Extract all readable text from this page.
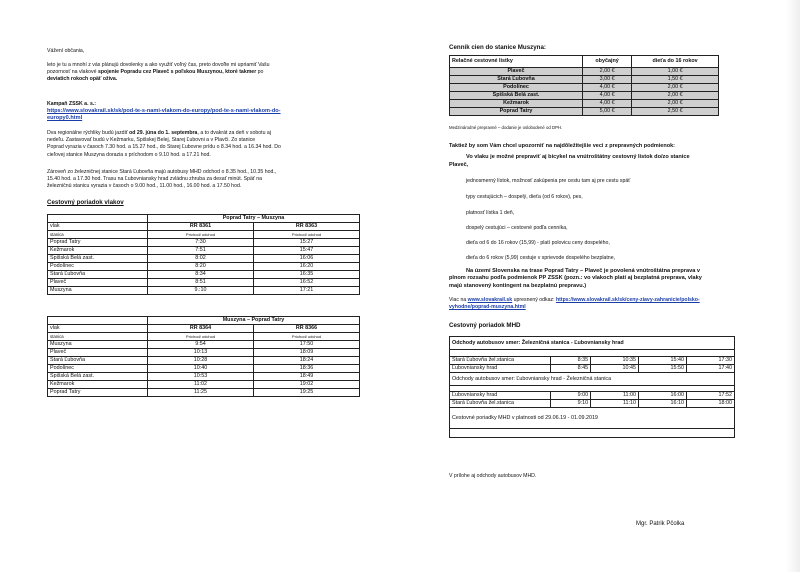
Vážení občania,
leto je tu a mnohí z vás plánujú dovolenky a ako využiť voľný čas, preto dovoľte mi upriamiť Vašu
pozornosť na vlakové spojenie Popradu cez Plaveč s poľskou Muszynou, ktoré takmer po
deviatich rokoch opäť ožíva.
Kampaň ZSSK a. s.:
https://www.slovakrail.sk/sk/pod-te-s-nami-vlakom-do-europy/pod-te-s-nami-vlakom-do-
europy0.html
Dva regionálne rýchliky budú jazdiť od 29. júna do 1. septembra, a to dvakrát za deň v sobotu aj
nedeľu. Zastavovať budú v Kežmarku, Spišskej Belej, Starej Ľubovni a v Plavči. Zo stanice
Poprad vyrazia v časoch 7.30 hod. a 15.27 hod., do Starej Ľubovne prídu o 8.34 hod. a 16.34 hod. Do
cieľovej stanice Muszyna dorazia s príchodom o 9.10 hod. a 17.21 hod.
Zároveň zo železničnej stanice Stará Ľubovňa majú autobusy MHD odchod o 8.35 hod., 10.35 hod.,
15.40 hod. a 17.30 hod. Trasu na Ľubovniansky hrad zvládnu zhruba za desať minút. Späť na
železničnú stanicu vyrazia v časoch o 9.00 hod., 11.00 hod., 16.00 hod. a 17.50 hod.
Cestovný poriadok vlakov
	Poprad Tatry – Muszyna	
vlak	RR 8361	RR 8363
stanica	Príchod/ odchod	Príchod/ odchod
Poprad Tatry	7:30	15:27
Kežmarok	7:51	15:47
Spišská Belá zast.	8:02	16:06
Podolínec	8:20	16:20
Stará Ľubovňa	8:34	16:35
Plaveč	8:51	16:52
Muszyna	9.:10	17:21
	Muszyna – Poprad Tatry	
vlak	RR 8364	RR 8366
stanica	Príchod/ odchod	Príchod/ odchod
Muszyna	9:54	17:50
Plaveč	10:13	18:09
Stará Ľubovňa	10:28	18:24
Podolínec	10:40	18:36
Spišská Belá zast.	10:53	18:49
Kežmarok	11:02	19:02
Poprad Tatry	11:25	19:25
Cenník cien do stanice Muszyna:
Relačné cestovné lístky	obyčajný	dieťa do 16 rokov
Plaveč	2,00 €	1,00 €
Stará Ľubovňa	3,00 €	1,50 €
Podolínec	4,00 €	2,00 €
Spišská Belá zast.	4,00 €	2,00 €
Kežmarok	4,00 €	2,00 €
Poprad Tatry	5,00 €	2,50 €
Medzinárodné prepravné – dodanie je oslobodené od DPH.
Taktiež by som Vám chcel upozorniť na najdôležitejšie veci z prepravných podmienok:
Vo vlaku je možné prepraviť aj bicykel na vnútroštátny cestovný lístok do/zo stanice
Plaveč,
jednosmerný lístok, možnosť zakúpenia pre cestu tam aj pre cestu späť
typy cestujúcich – dospelý, dieťa (od 6 rokov), pes,
platnosť lístka 1 deň,
dospelý cestujúci – cestovné podľa cenníka,
dieťa od 6 do 16 rokov (15,99) - platí polovicu ceny dospelého,
dieťa do 6 rokov (5,99) cestuje v sprievode dospelého bezplatne,
Na území Slovenska na trase Poprad Tatry – Plaveč je povolená vnútroštátna preprava v
plnom rozsahu podľa podmienok PP ZSSK (pozn.: vo vlakoch platí aj bezplatná preprava, vlaky
majú stanovený kontingent na bezplatnú prepravu.)
Viac na www.slovakrail.sk upresnený odkaz: https://www.slovakrail.sk/sk/ceny-ziavy-zahranicie/polsko-
vyhodne/poprad-muszyna.html
Cestovný poriadok MHD
Odchody autobusov smer: Železničná stanica - Ľubovniansky hrad				

Stará Ľubovňa žel.stanica	8:35	10:35	15:40	17:30
Ľubovniansky hrad	8:45	10:45	15:50	17:40
Odchody autobusov smer: Ľubovniansky hrad - Železničná stanica				

Ľubovniansky hrad	9:00	11:00	16:00	17:52
Stará Ľubovňa žel.stanica	9:10	11:10	16:10	18:00
Cestovné poriadky MHD v platnosti od 29.06.19 - 01.09.2019				

V prílohe aj odchody autobusov MHD.
Mgr. Patrik Pčolka
